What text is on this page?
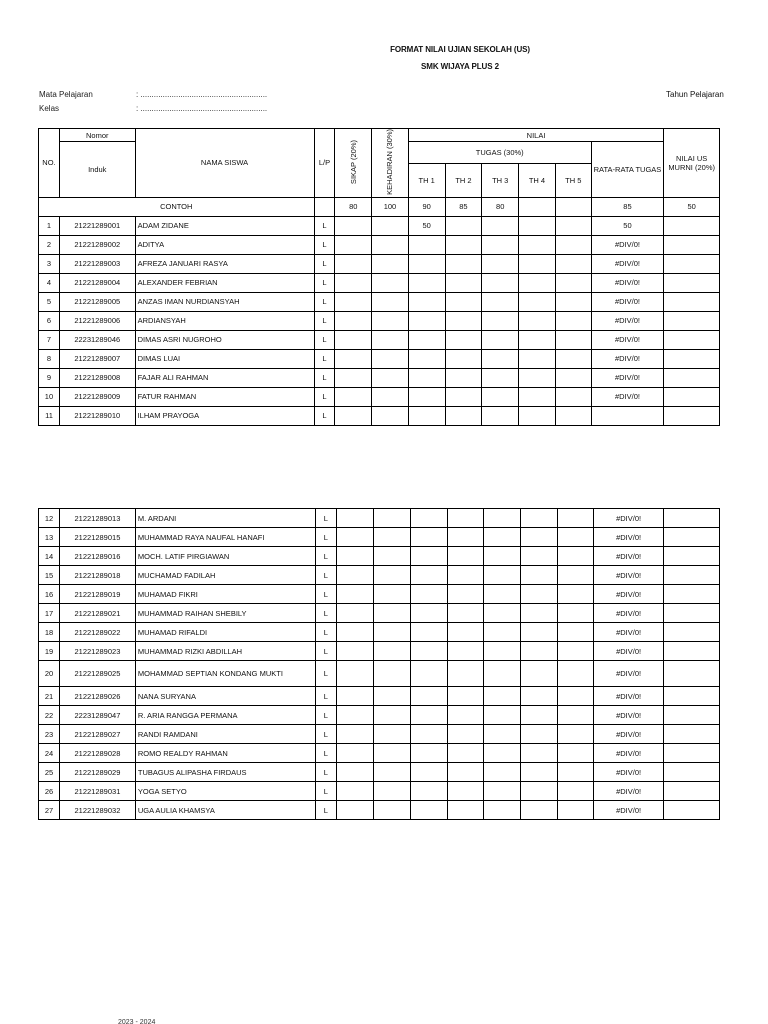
FORMAT NILAI UJIAN SEKOLAH (US)
SMK WIJAYA PLUS 2
Mata Pelajaran	: .........................................................
Kelas	: .........................................................
Tahun Pelajaran
NO.	Nomor	NAMA SISWA	L/P	SIKAP (20%)	KEHADIRAN (30%)	NILAI						NILAI US MURNI (20%)
	Induk					TUGAS (30%)					RATA-RATA TUGAS	
						TH 1	TH 2	TH 3	TH 4	TH 5		
CONTOH				80	100	90	85	80			85	50
1	21221289001	ADAM ZIDANE	L			50					50	
2	21221289002	ADITYA	L								#DIV/0!	
3	21221289003	AFREZA JANUARI RASYA	L								#DIV/0!	
4	21221289004	ALEXANDER FEBRIAN	L								#DIV/0!	
5	21221289005	ANZAS IMAN NURDIANSYAH	L								#DIV/0!	
6	21221289006	ARDIANSYAH	L								#DIV/0!	
7	22231289046	DIMAS ASRI NUGROHO	L								#DIV/0!	
8	21221289007	DIMAS LUAI	L								#DIV/0!	
9	21221289008	FAJAR ALI RAHMAN	L								#DIV/0!	
10	21221289009	FATUR RAHMAN	L								#DIV/0!	
11	21221289010	ILHAM PRAYOGA	L									
12	21221289013	M. ARDANI	L								#DIV/0!	
13	21221289015	MUHAMMAD RAYA NAUFAL HANAFI	L								#DIV/0!	
14	21221289016	MOCH. LATIF PIRGIAWAN	L								#DIV/0!	
15	21221289018	MUCHAMAD FADILAH	L								#DIV/0!	
16	21221289019	MUHAMAD FIKRI	L								#DIV/0!	
17	21221289021	MUHAMMAD RAIHAN SHEBILY	L								#DIV/0!	
18	21221289022	MUHAMAD RIFALDI	L								#DIV/0!	
19	21221289023	MUHAMMAD RIZKI ABDILLAH	L								#DIV/0!	
20	21221289025	MOHAMMAD SEPTIAN KONDANG MUKTI	L								#DIV/0!	
21	21221289026	NANA SURYANA	L								#DIV/0!	
22	22231289047	R. ARIA RANGGA PERMANA	L								#DIV/0!	
23	21221289027	RANDI RAMDANI	L								#DIV/0!	
24	21221289028	ROMO REALDY RAHMAN	L								#DIV/0!	
25	21221289029	TUBAGUS ALIPASHA FIRDAUS	L								#DIV/0!	
26	21221289031	YOGA SETYO	L								#DIV/0!	
27	21221289032	UGA AULIA KHAMSYA	L								#DIV/0!	
2023 - 2024
